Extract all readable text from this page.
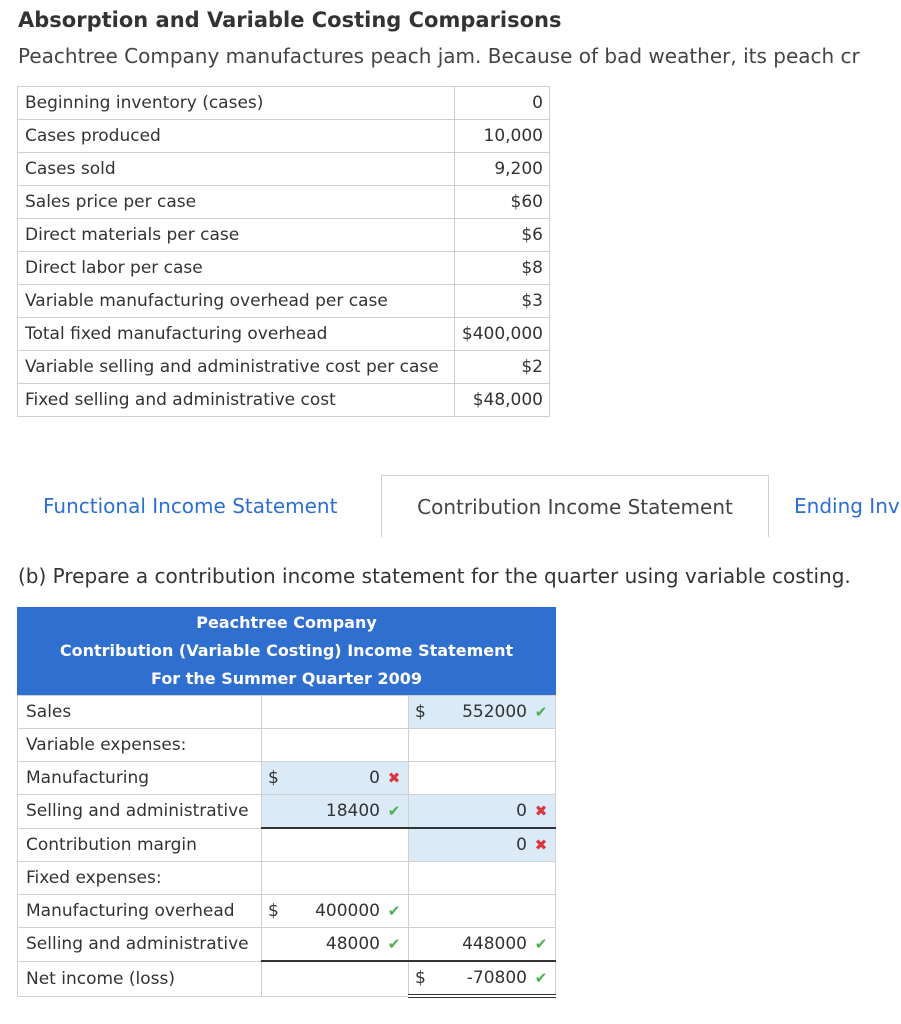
Absorption and Variable Costing Comparisons

Peachtree Company manufactures peach jam. Because of bad weather, its peach cr

Beginning inventory (cases)	0
Cases produced	10,000
Cases sold	9,200
Sales price per case	$60
Direct materials per case	$6
Direct labor per case	$8
Variable manufacturing overhead per case	$3
Total fixed manufacturing overhead	$400,000
Variable selling and administrative cost per case	$2
Fixed selling and administrative cost	$48,000
Functional Income Statement	Contribution Income Statement	Ending Inv

(b) Prepare a contribution income statement for the quarter using variable costing.

Peachtree Company
Contribution (Variable Costing) Income Statement
For the Summer Quarter 2009
Sales		$ 552000 ✔

Variable expenses:		
Manufacturing	$ 0 ✖	

Selling and administrative	18400 ✔	0 ✖

Contribution margin		0 ✖

Fixed expenses:		
Manufacturing overhead	$ 400000 ✔	

Selling and administrative	48000 ✔	448000 ✔

Net income (loss)		$ -70800 ✔
